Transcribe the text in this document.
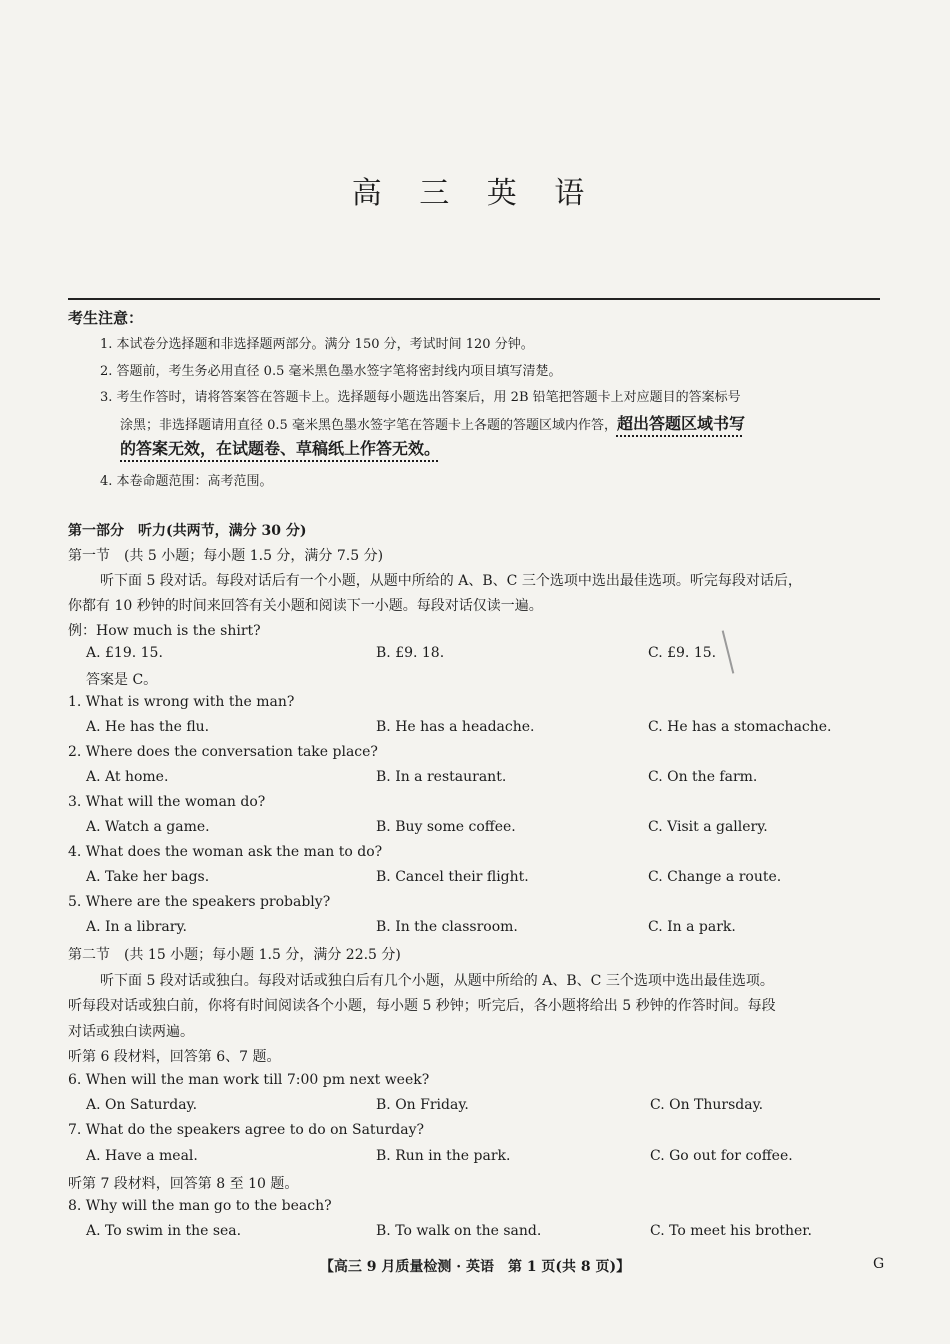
高 三 英 语
考生注意：
1. 本试卷分选择题和非选择题两部分。满分 150 分，考试时间 120 分钟。
2. 答题前，考生务必用直径 0.5 毫米黑色墨水签字笔将密封线内项目填写清楚。
3. 考生作答时，请将答案答在答题卡上。选择题每小题选出答案后，用 2B 铅笔把答题卡上对应题目的答案标号
涂黑；非选择题请用直径 0.5 毫米黑色墨水签字笔在答题卡上各题的答题区域内作答，超出答题区域书写
的答案无效，在试题卷、草稿纸上作答无效。
4. 本卷命题范围：高考范围。
第一部分　听力(共两节，满分 30 分)
第一节　(共 5 小题；每小题 1.5 分，满分 7.5 分)
听下面 5 段对话。每段对话后有一个小题，从题中所给的 A、B、C 三个选项中选出最佳选项。听完每段对话后，
你都有 10 秒钟的时间来回答有关小题和阅读下一小题。每段对话仅读一遍。
例：How much is the shirt?
A. £19. 15.	B. £9. 18.	C. £9. 15.
答案是 C。
1. What is wrong with the man?
A. He has the flu.	B. He has a headache.	C. He has a stomachache.
2. Where does the conversation take place?
A. At home.	B. In a restaurant.	C. On the farm.
3. What will the woman do?
A. Watch a game.	B. Buy some coffee.	C. Visit a gallery.
4. What does the woman ask the man to do?
A. Take her bags.	B. Cancel their flight.	C. Change a route.
5. Where are the speakers probably?
A. In a library.	B. In the classroom.	C. In a park.
第二节　(共 15 小题；每小题 1.5 分，满分 22.5 分)
听下面 5 段对话或独白。每段对话或独白后有几个小题，从题中所给的 A、B、C 三个选项中选出最佳选项。
听每段对话或独白前，你将有时间阅读各个小题，每小题 5 秒钟；听完后，各小题将给出 5 秒钟的作答时间。每段
对话或独白读两遍。
听第 6 段材料，回答第 6、7 题。
6. When will the man work till 7:00 pm next week?
A. On Saturday.	B. On Friday.	C. On Thursday.
7. What do the speakers agree to do on Saturday?
A. Have a meal.	B. Run in the park.	C. Go out for coffee.
听第 7 段材料，回答第 8 至 10 题。
8. Why will the man go to the beach?
A. To swim in the sea.	B. To walk on the sand.	C. To meet his brother.
【高三 9 月质量检测 · 英语　第 1 页(共 8 页)】	G
